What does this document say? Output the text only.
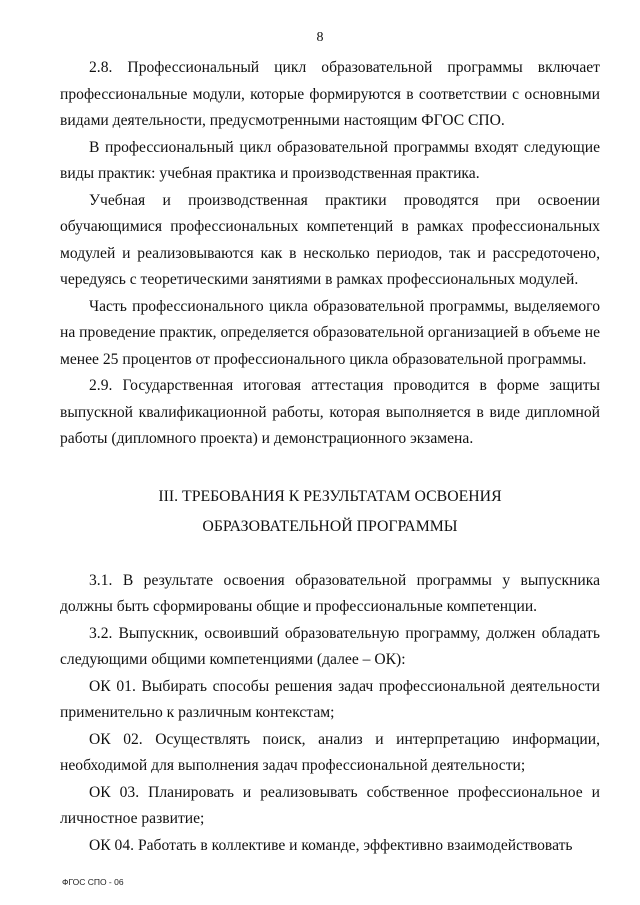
8

2.8. Профессиональный цикл образовательной программы включает профессиональные модули, которые формируются в соответствии с основными видами деятельности, предусмотренными настоящим ФГОС СПО.

В профессиональный цикл образовательной программы входят следующие виды практик: учебная практика и производственная практика.

Учебная и производственная практики проводятся при освоении обучающимися профессиональных компетенций в рамках профессиональных модулей и реализовываются как в несколько периодов, так и рассредоточено, чередуясь с теоретическими занятиями в рамках профессиональных модулей.

Часть профессионального цикла образовательной программы, выделяемого на проведение практик, определяется образовательной организацией в объеме не менее 25 процентов от профессионального цикла образовательной программы.

2.9. Государственная итоговая аттестация проводится в форме защиты выпускной квалификационной работы, которая выполняется в виде дипломной работы (дипломного проекта) и демонстрационного экзамена.

III. ТРЕБОВАНИЯ К РЕЗУЛЬТАТАМ ОСВОЕНИЯ
ОБРАЗОВАТЕЛЬНОЙ ПРОГРАММЫ

3.1. В результате освоения образовательной программы у выпускника должны быть сформированы общие и профессиональные компетенции.

3.2. Выпускник, освоивший образовательную программу, должен обладать следующими общими компетенциями (далее – ОК):

ОК 01. Выбирать способы решения задач профессиональной деятельности применительно к различным контекстам;

ОК 02. Осуществлять поиск, анализ и интерпретацию информации, необходимой для выполнения задач профессиональной деятельности;

ОК 03. Планировать и реализовывать собственное профессиональное и личностное развитие;

ОК 04. Работать в коллективе и команде, эффективно взаимодействовать

ФГОС СПО - 06
